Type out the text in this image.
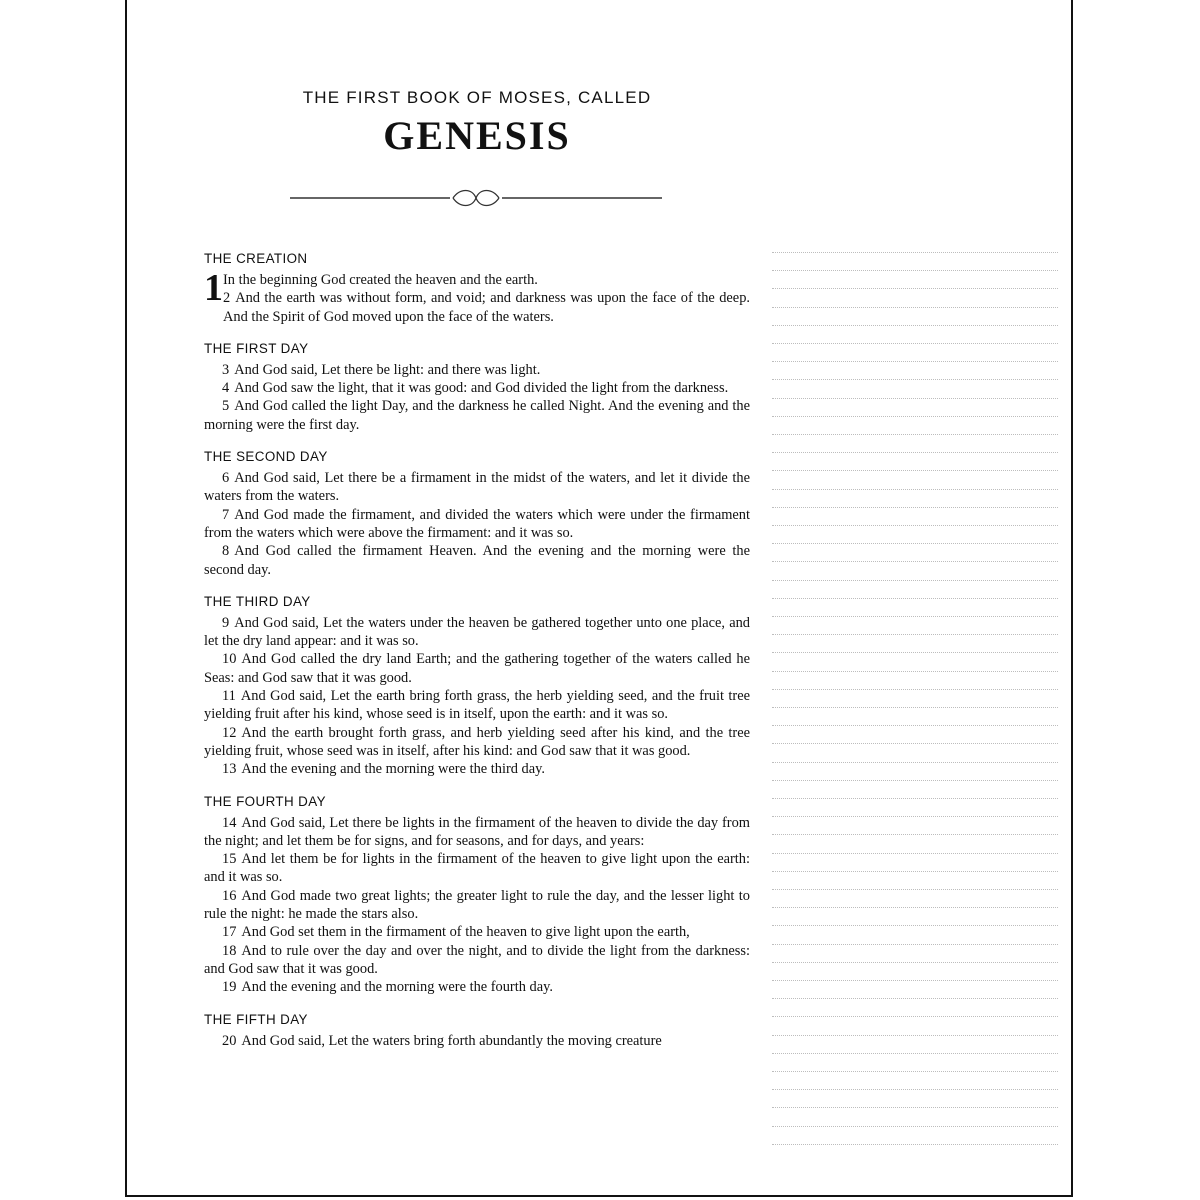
THE FIRST BOOK OF MOSES, CALLED
GENESIS
THE CREATION

1 In the beginning God created the heaven and the earth.

2 And the earth was without form, and void; and darkness was upon the face of the deep. And the Spirit of God moved upon the face of the waters.

THE FIRST DAY

3 And God said, Let there be light: and there was light.

4 And God saw the light, that it was good: and God divided the light from the darkness.

5 And God called the light Day, and the darkness he called Night. And the evening and the morning were the first day.

THE SECOND DAY

6 And God said, Let there be a firmament in the midst of the waters, and let it divide the waters from the waters.

7 And God made the firmament, and divided the waters which were under the firmament from the waters which were above the firmament: and it was so.

8 And God called the firmament Heaven. And the evening and the morning were the second day.

THE THIRD DAY

9 And God said, Let the waters under the heaven be gathered together unto one place, and let the dry land appear: and it was so.

10 And God called the dry land Earth; and the gathering together of the waters called he Seas: and God saw that it was good.

11 And God said, Let the earth bring forth grass, the herb yielding seed, and the fruit tree yielding fruit after his kind, whose seed is in itself, upon the earth: and it was so.

12 And the earth brought forth grass, and herb yielding seed after his kind, and the tree yielding fruit, whose seed was in itself, after his kind: and God saw that it was good.

13 And the evening and the morning were the third day.

THE FOURTH DAY

14 And God said, Let there be lights in the firmament of the heaven to divide the day from the night; and let them be for signs, and for seasons, and for days, and years:

15 And let them be for lights in the firmament of the heaven to give light upon the earth: and it was so.

16 And God made two great lights; the greater light to rule the day, and the lesser light to rule the night: he made the stars also.

17 And God set them in the firmament of the heaven to give light upon the earth,

18 And to rule over the day and over the night, and to divide the light from the darkness: and God saw that it was good.

19 And the evening and the morning were the fourth day.

THE FIFTH DAY

20 And God said, Let the waters bring forth abundantly the moving creature
